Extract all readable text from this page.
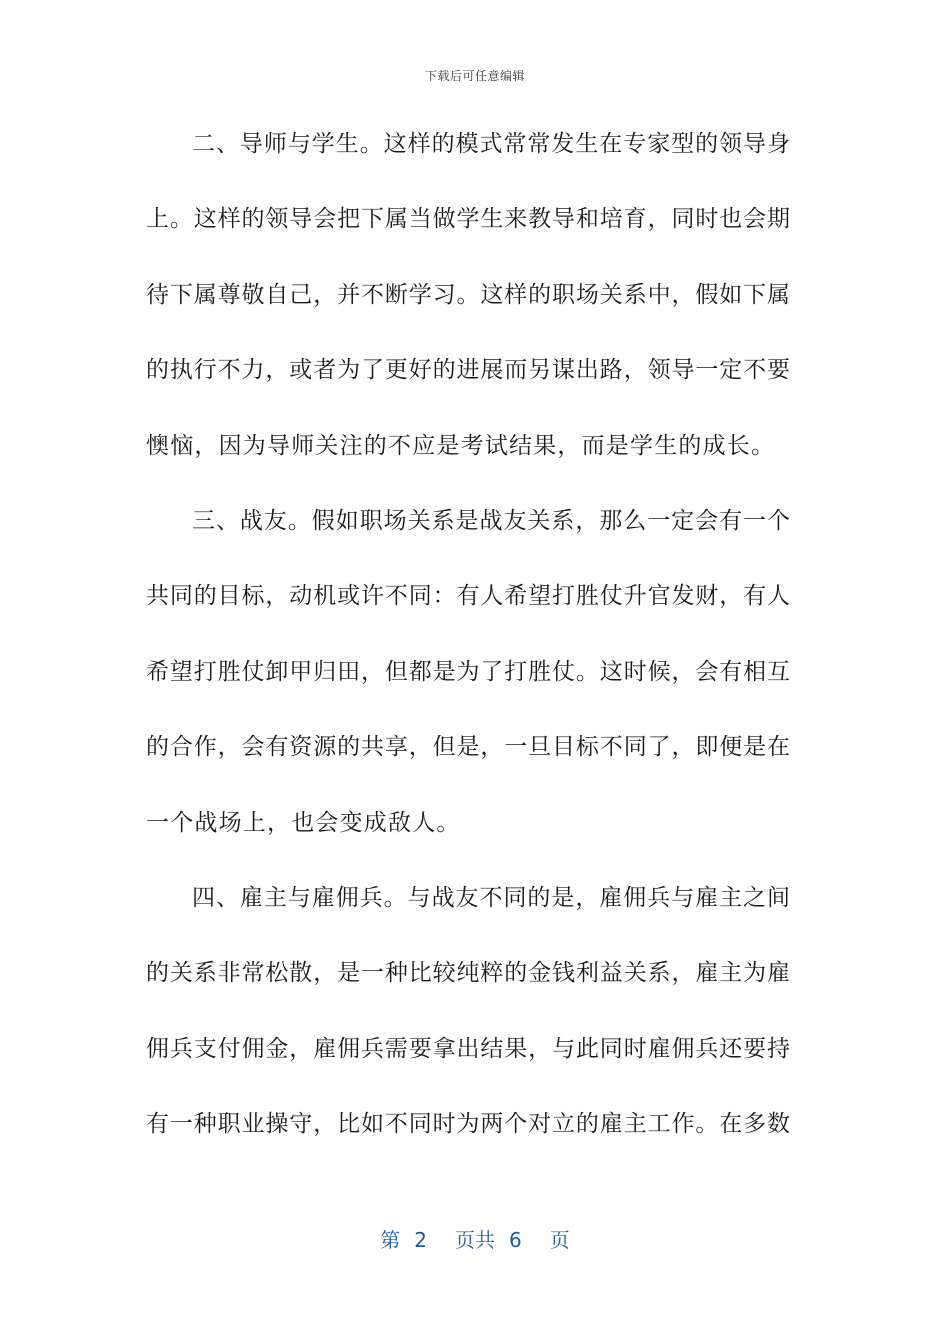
下载后可任意编辑
二、导师与学生。这样的模式常常发生在专家型的领导身
上。这样的领导会把下属当做学生来教导和培育，同时也会期
待下属尊敬自己，并不断学习。这样的职场关系中，假如下属
的执行不力，或者为了更好的进展而另谋出路，领导一定不要
懊恼，因为导师关注的不应是考试结果，而是学生的成长。
三、战友。假如职场关系是战友关系，那么一定会有一个
共同的目标，动机或许不同：有人希望打胜仗升官发财，有人
希望打胜仗卸甲归田，但都是为了打胜仗。这时候，会有相互
的合作，会有资源的共享，但是，一旦目标不同了，即便是在
一个战场上，也会变成敌人。
四、雇主与雇佣兵。与战友不同的是，雇佣兵与雇主之间
的关系非常松散，是一种比较纯粹的金钱利益关系，雇主为雇
佣兵支付佣金，雇佣兵需要拿出结果，与此同时雇佣兵还要持
有一种职业操守，比如不同时为两个对立的雇主工作。在多数
第 2 页共 6 页
